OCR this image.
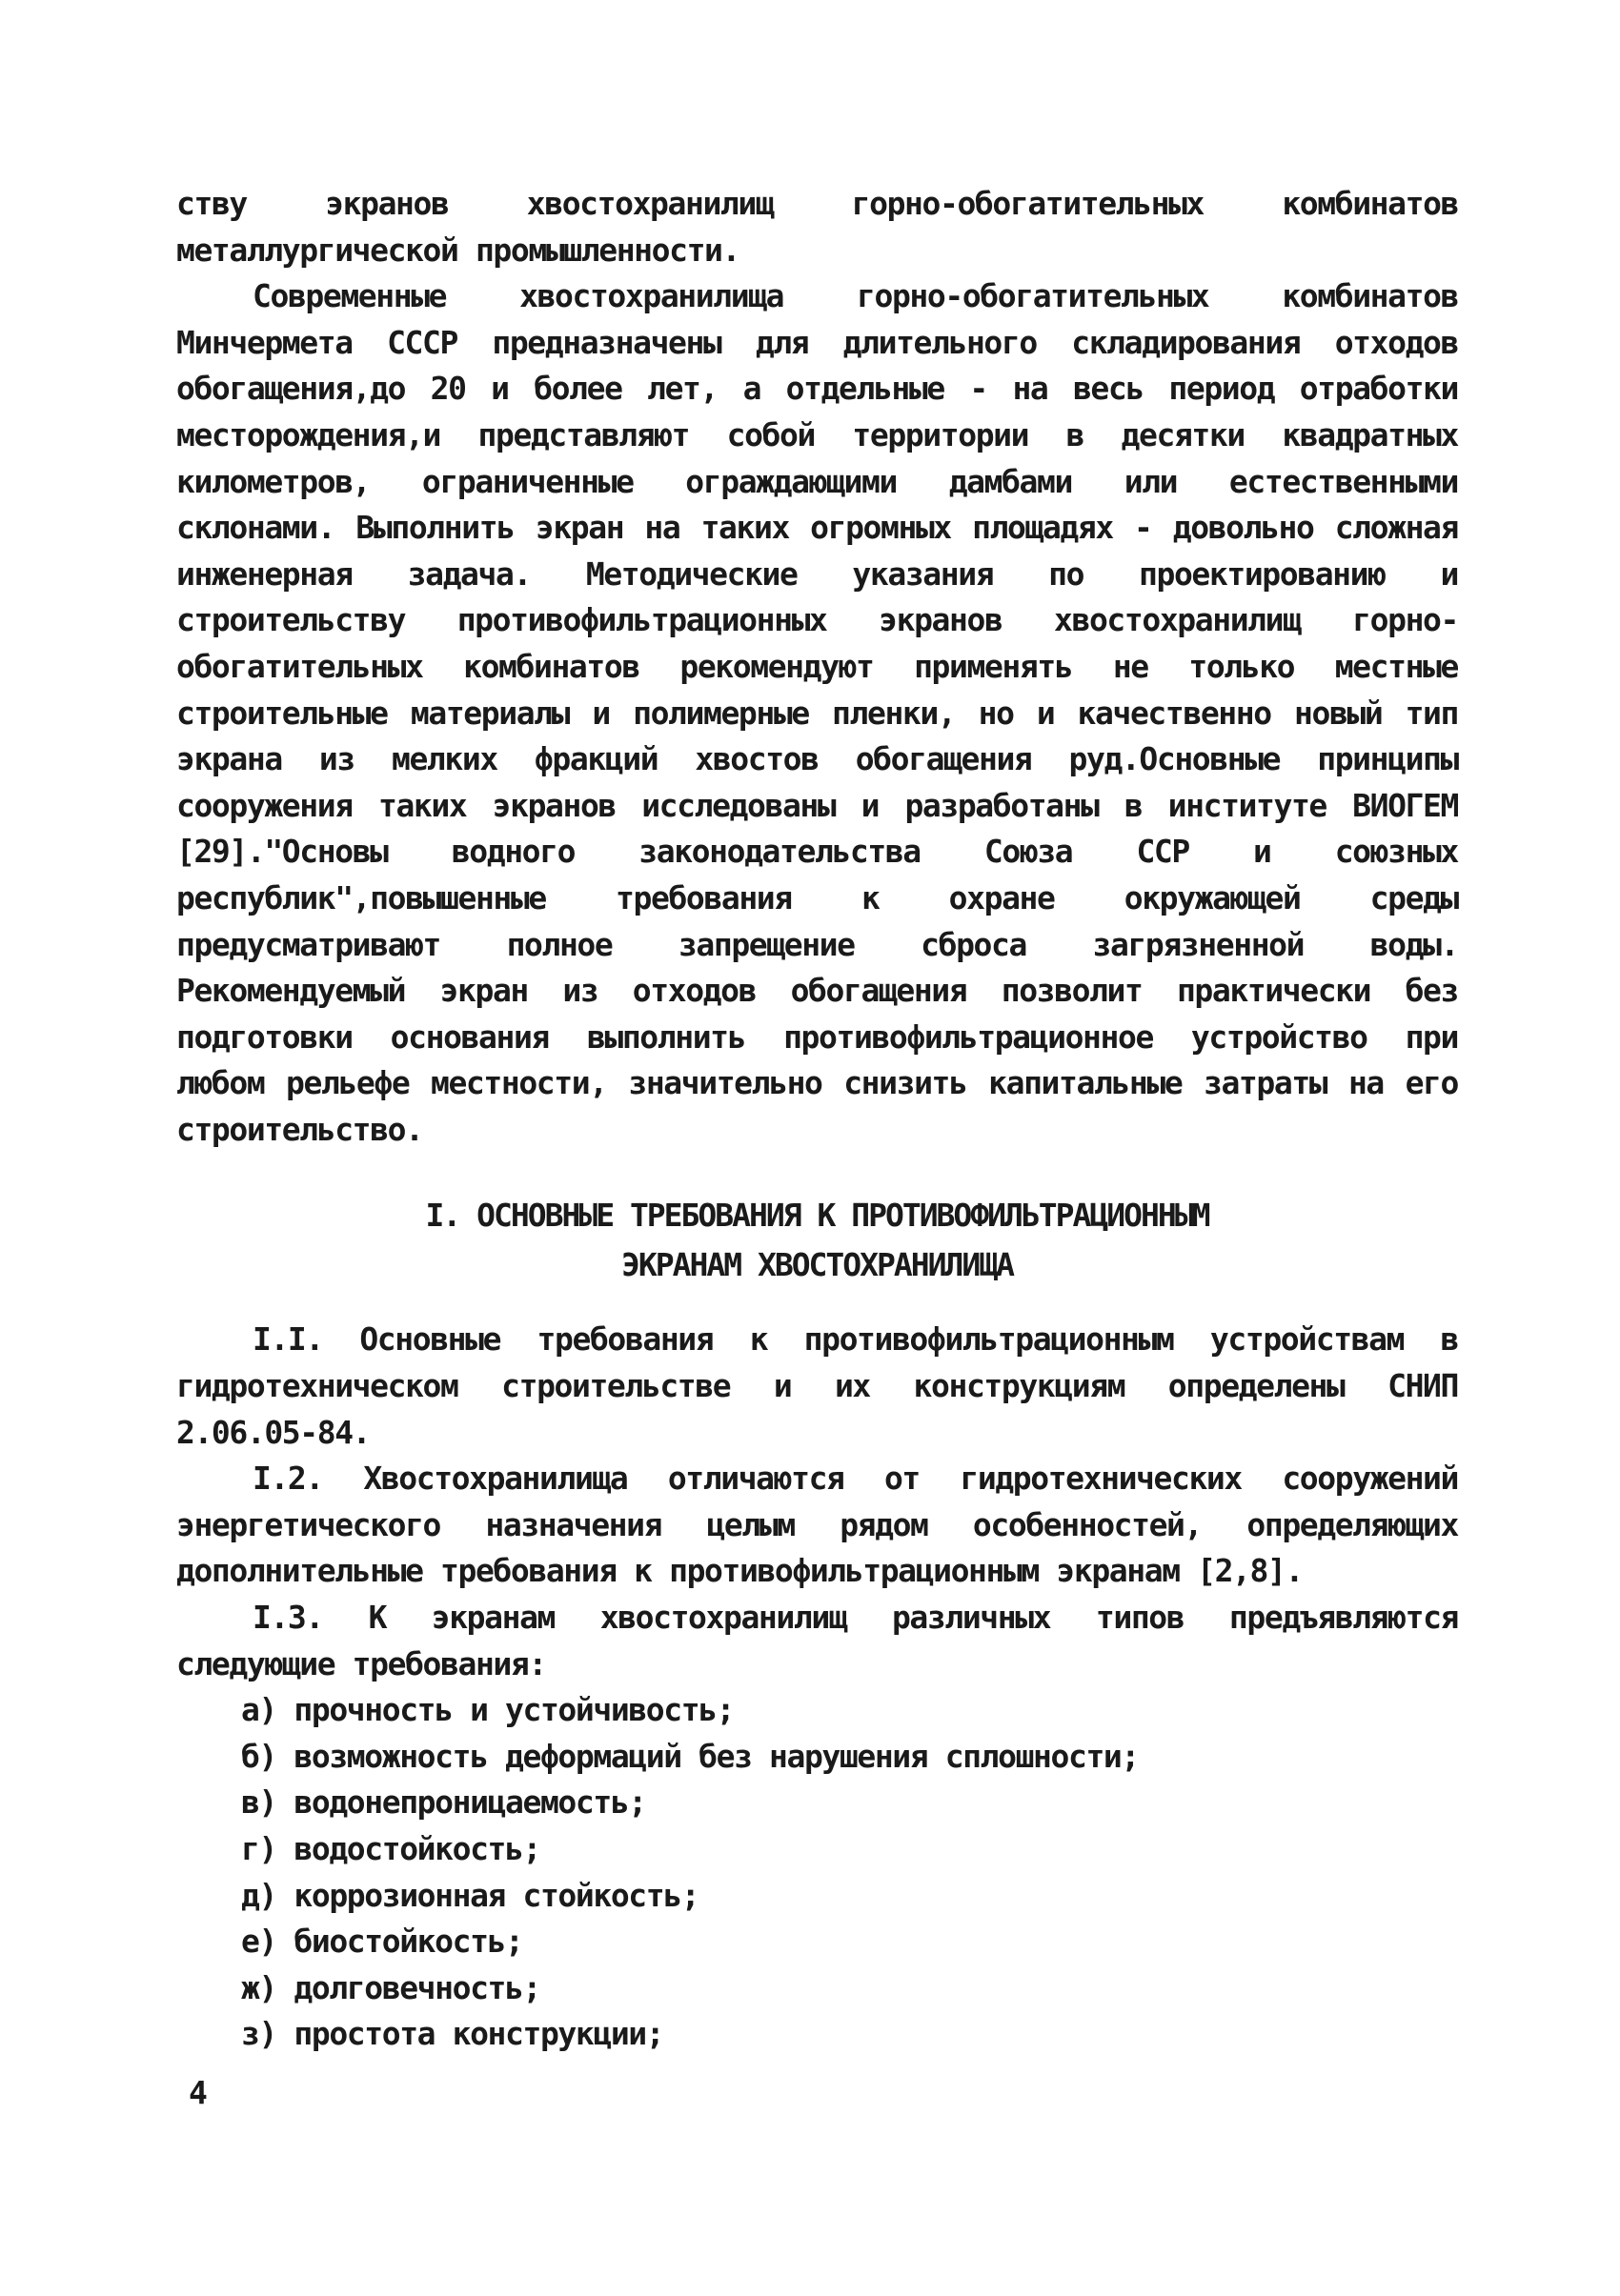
ству экранов хвостохранилищ горно-обогатительных комбинатов металлургической промышленности.

Современные хвостохранилища горно-обогатительных комбинатов Минчермета СССР предназначены для длительного складирования отходов обогащения,до 20 и более лет, а отдельные - на весь период отработки месторождения,и представляют собой территории в десятки квадратных километров, ограниченные ограждающими дамбами или естественными склонами. Выполнить экран на таких огромных площадях - довольно сложная инженерная задача. Методические указания по проектированию и строительству противофильтрационных экранов хвостохранилищ горно-обогатительных комбинатов рекомендуют применять не только местные строительные материалы и полимерные пленки, но и качественно новый тип экрана из мелких фракций хвостов обогащения руд.Основные принципы сооружения таких экранов исследованы и разработаны в институте ВИОГЕМ [29]."Основы водного законодательства Союза ССР и союзных республик",повышенные требования к охране окружающей среды предусматривают полное запрещение сброса загрязненной воды. Рекомендуемый экран из отходов обогащения позволит практически без подготовки основания выполнить противофильтрационное устройство при любом рельефе местности, значительно снизить капитальные затраты на его строительство.

I. ОСНОВНЫЕ ТРЕБОВАНИЯ К ПРОТИВОФИЛЬТРАЦИОННЫМ
ЭКРАНАМ ХВОСТОХРАНИЛИЩА

I.I. Основные требования к противофильтрационным устройствам в гидротехническом строительстве и их конструкциям определены СНИП 2.06.05-84.

I.2. Хвостохранилища отличаются от гидротехнических сооружений энергетического назначения целым рядом особенностей, определяющих дополнительные требования к противофильтрационным экранам [2,8].

I.3. К экранам хвостохранилищ различных типов предъявляются следующие требования:

а) прочность и устойчивость;
б) возможность деформаций без нарушения сплошности;
в) водонепроницаемость;
г) водостойкость;
д) коррозионная стойкость;
е) биостойкость;
ж) долговечность;
з) простота конструкции;
4
